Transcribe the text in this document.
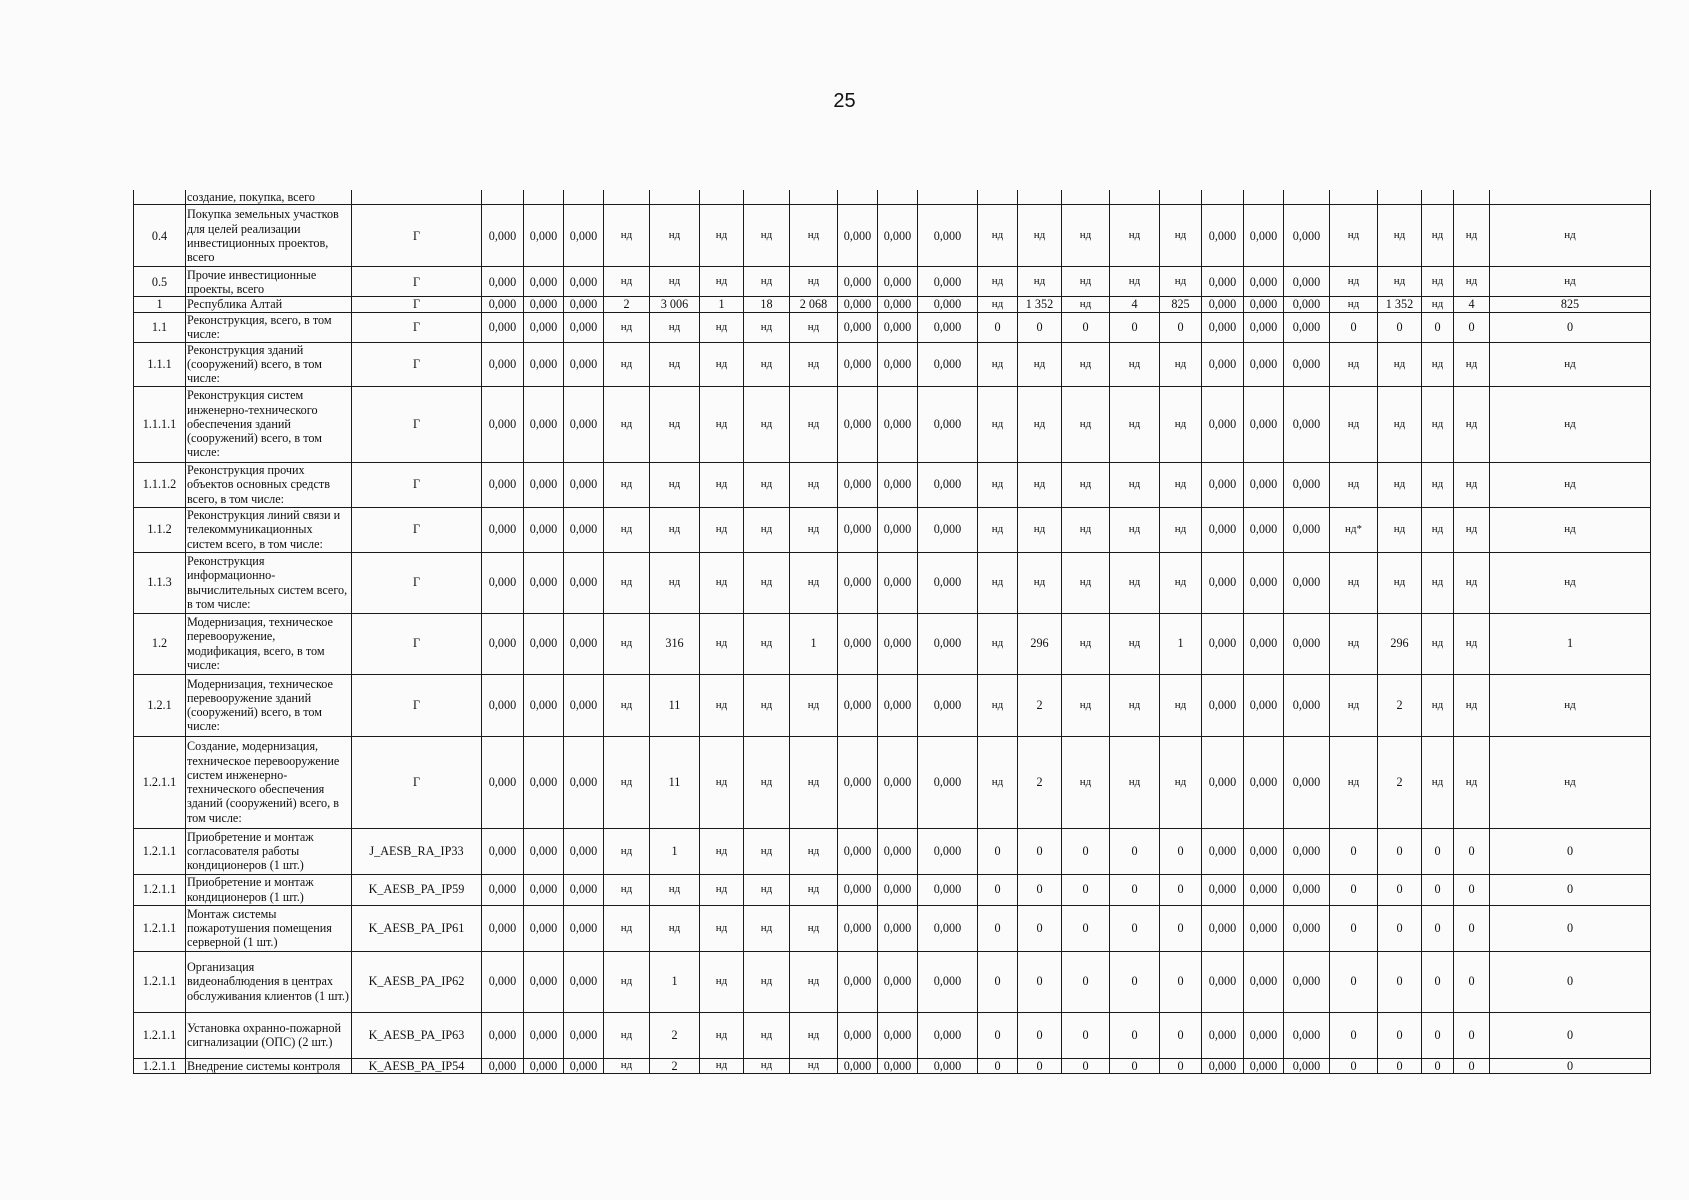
25
	создание, покупка, всего																									
0.4	Покупка земельных участков для целей реализации инвестиционных проектов, всего	Г	0,000	0,000	0,000	нд	нд	нд	нд	нд	0,000	0,000	0,000	нд	нд	нд	нд	нд	0,000	0,000	0,000	нд	нд	нд	нд	нд
0.5	Прочие инвестиционные проекты, всего	Г	0,000	0,000	0,000	нд	нд	нд	нд	нд	0,000	0,000	0,000	нд	нд	нд	нд	нд	0,000	0,000	0,000	нд	нд	нд	нд	нд
1	Республика Алтай	Г	0,000	0,000	0,000	2	3 006	1	18	2 068	0,000	0,000	0,000	нд	1 352	нд	4	825	0,000	0,000	0,000	нд	1 352	нд	4	825
1.1	Реконструкция, всего, в том числе:	Г	0,000	0,000	0,000	нд	нд	нд	нд	нд	0,000	0,000	0,000	0	0	0	0	0	0,000	0,000	0,000	0	0	0	0	0
1.1.1	Реконструкция зданий (сооружений) всего, в том числе:	Г	0,000	0,000	0,000	нд	нд	нд	нд	нд	0,000	0,000	0,000	нд	нд	нд	нд	нд	0,000	0,000	0,000	нд	нд	нд	нд	нд
1.1.1.1	Реконструкция систем инженерно-технического обеспечения зданий (сооружений) всего, в том числе:	Г	0,000	0,000	0,000	нд	нд	нд	нд	нд	0,000	0,000	0,000	нд	нд	нд	нд	нд	0,000	0,000	0,000	нд	нд	нд	нд	нд
1.1.1.2	Реконструкция прочих объектов основных средств всего, в том числе:	Г	0,000	0,000	0,000	нд	нд	нд	нд	нд	0,000	0,000	0,000	нд	нд	нд	нд	нд	0,000	0,000	0,000	нд	нд	нд	нд	нд
1.1.2	Реконструкция линий связи и телекоммуникационных систем всего, в том числе:	Г	0,000	0,000	0,000	нд	нд	нд	нд	нд	0,000	0,000	0,000	нд	нд	нд	нд	нд	0,000	0,000	0,000	нд*	нд	нд	нд	нд
1.1.3	Реконструкция информационно-вычислительных систем всего, в том числе:	Г	0,000	0,000	0,000	нд	нд	нд	нд	нд	0,000	0,000	0,000	нд	нд	нд	нд	нд	0,000	0,000	0,000	нд	нд	нд	нд	нд
1.2	Модернизация, техническое перевооружение, модификация, всего, в том числе:	Г	0,000	0,000	0,000	нд	316	нд	нд	1	0,000	0,000	0,000	нд	296	нд	нд	1	0,000	0,000	0,000	нд	296	нд	нд	1
1.2.1	Модернизация, техническое перевооружение зданий (сооружений) всего, в том числе:	Г	0,000	0,000	0,000	нд	11	нд	нд	нд	0,000	0,000	0,000	нд	2	нд	нд	нд	0,000	0,000	0,000	нд	2	нд	нд	нд
1.2.1.1	Создание, модернизация, техническое перевооружение систем инженерно-технического обеспечения зданий (сооружений) всего, в том числе:	Г	0,000	0,000	0,000	нд	11	нд	нд	нд	0,000	0,000	0,000	нд	2	нд	нд	нд	0,000	0,000	0,000	нд	2	нд	нд	нд
1.2.1.1	Приобретение и монтаж согласователя работы кондиционеров (1 шт.)	J_AESB_RA_IP33	0,000	0,000	0,000	нд	1	нд	нд	нд	0,000	0,000	0,000	0	0	0	0	0	0,000	0,000	0,000	0	0	0	0	0
1.2.1.1	Приобретение и монтаж кондиционеров (1 шт.)	K_AESB_PA_IP59	0,000	0,000	0,000	нд	нд	нд	нд	нд	0,000	0,000	0,000	0	0	0	0	0	0,000	0,000	0,000	0	0	0	0	0
1.2.1.1	Монтаж системы пожаротушения помещения серверной (1 шт.)	K_AESB_PA_IP61	0,000	0,000	0,000	нд	нд	нд	нд	нд	0,000	0,000	0,000	0	0	0	0	0	0,000	0,000	0,000	0	0	0	0	0
1.2.1.1	Организация видеонаблюдения в центрах обслуживания клиентов (1 шт.)	K_AESB_PA_IP62	0,000	0,000	0,000	нд	1	нд	нд	нд	0,000	0,000	0,000	0	0	0	0	0	0,000	0,000	0,000	0	0	0	0	0
1.2.1.1	Установка охранно-пожарной сигнализации (ОПС) (2 шт.)	K_AESB_PA_IP63	0,000	0,000	0,000	нд	2	нд	нд	нд	0,000	0,000	0,000	0	0	0	0	0	0,000	0,000	0,000	0	0	0	0	0
1.2.1.1	Внедрение системы контроля	K_AESB_PA_IP54	0,000	0,000	0,000	нд	2	нд	нд	нд	0,000	0,000	0,000	0	0	0	0	0	0,000	0,000	0,000	0	0	0	0	0
